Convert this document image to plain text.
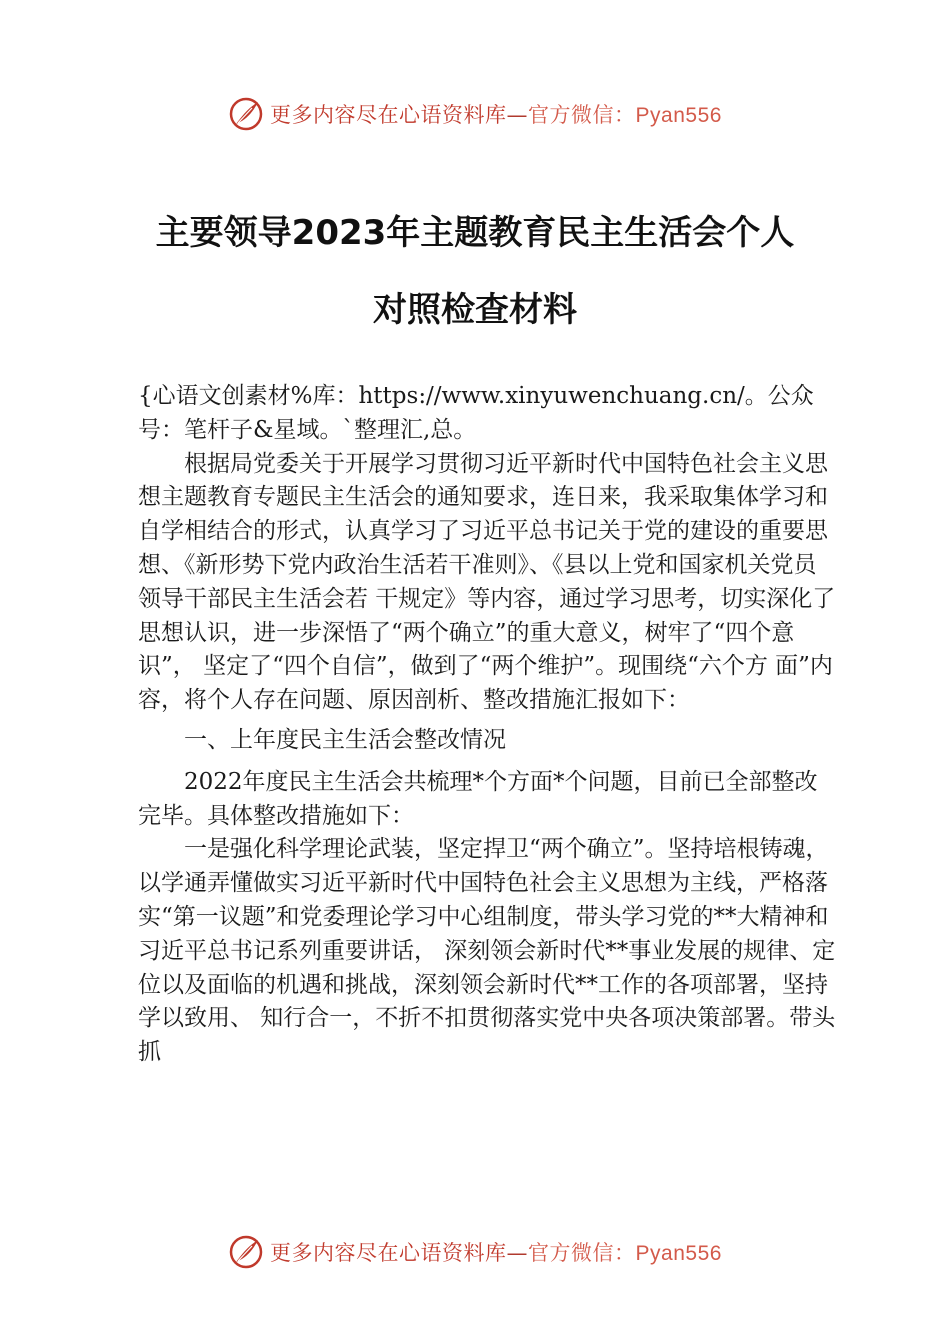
更多内容尽在心语资料库—官方微信：Pyan556
主要领导2023年主题教育民主生活会个人
对照检查材料

{心语文创素材%库：https://www.xinyuwenchuang.cn/。公众号：笔杆子&星域。`整理汇,总。

根据局党委关于开展学习贯彻习近平新时代中国特色社会主义思想主题教育专题民主生活会的通知要求，连日来，我采取集体学习和自学相结合的形式，认真学习了习近平总书记关于党的建设的重要思想、《新形势下党内政治生活若干准则》、《县以上党和国家机关党员领导干部民主生活会若 干规定》等内容，通过学习思考，切实深化了思想认识，进一步深悟了“两个确立”的重大意义，树牢了“四个意识”， 坚定了“四个自信”，做到了“两个维护”。现围绕“六个方 面”内容，将个人存在问题、原因剖析、整改措施汇报如下：

一、上年度民主生活会整改情况

2022年度民主生活会共梳理*个方面*个问题，目前已全部整改完毕。具体整改措施如下：

一是强化科学理论武装，坚定捍卫“两个确立”。坚持培根铸魂，以学通弄懂做实习近平新时代中国特色社会主义思想为主线，严格落实“第一议题”和党委理论学习中心组制度，带头学习党的**大精神和习近平总书记系列重要讲话， 深刻领会新时代**事业发展的规律、定位以及面临的机遇和挑战，深刻领会新时代**工作的各项部署，坚持学以致用、 知行合一，不折不扣贯彻落实党中央各项决策部署。带头抓

更多内容尽在心语资料库—官方微信：Pyan556
